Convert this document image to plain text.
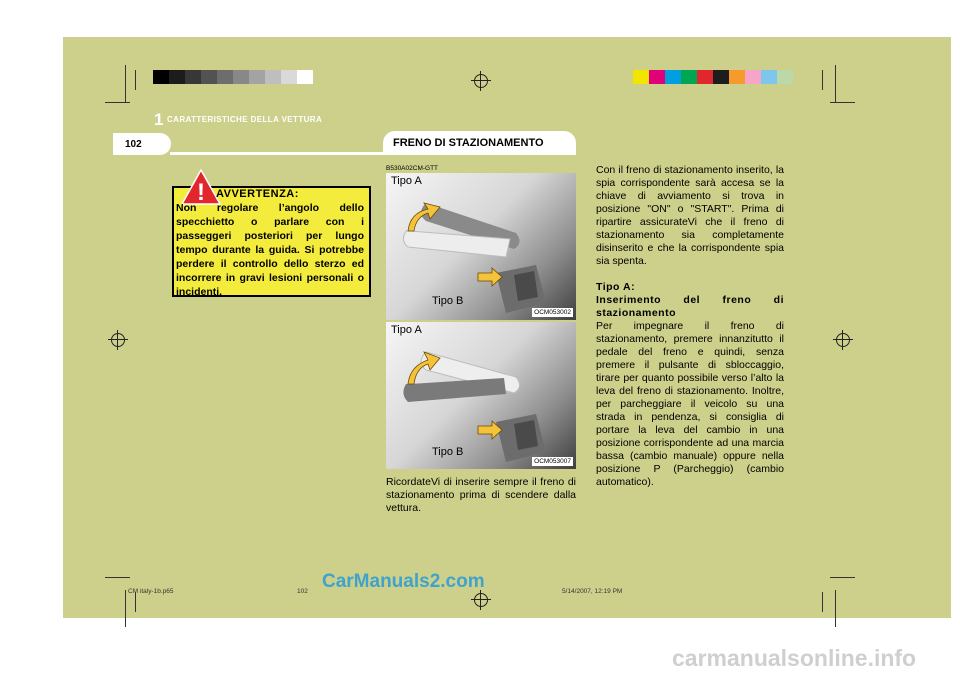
1 CARATTERISTICHE DELLA VETTURA
102	FRENO DI STAZIONAMENTO
! AVVERTENZA:
Non regolare l’angolo dello specchietto o parlare con i passeggeri posteriori per lungo tempo durante la guida. Si potrebbe perdere il controllo dello sterzo ed incorrere in gravi lesioni personali o incidenti.
B530A02CM-GTT
Tipo A
Tipo B
OCM053002
Tipo A
Tipo B
OCM053007
RicordateVi di inserire sempre il freno di stazionamento prima di scendere dalla vettura.

Con il freno di stazionamento inserito, la spia corrispondente sarà accesa se la chiave di avviamento si trova in posizione "ON" o "START". Prima di ripartire assicurateVi che il freno di stazionamento sia completamente disinserito e che la corrispondente spia sia spenta.

Tipo A:

Inserimento del freno di stazionamento

Per impegnare il freno di stazionamento, premere innanzitutto il pedale del freno e quindi, senza premere il pulsante di sbloccaggio, tirare per quanto possibile verso l’alto la leva del freno di stazionamento. Inoltre, per parcheggiare il veicolo su una strada in pendenza, si consiglia di portare la leva del cambio in una posizione corrispondente ad una marcia bassa (cambio manuale) oppure nella posizione P (Parcheggio) (cambio automatico).

CM italy-1b.p65	102	5/14/2007, 12:19 PM
CarManuals2.com
carmanualsonline.info
